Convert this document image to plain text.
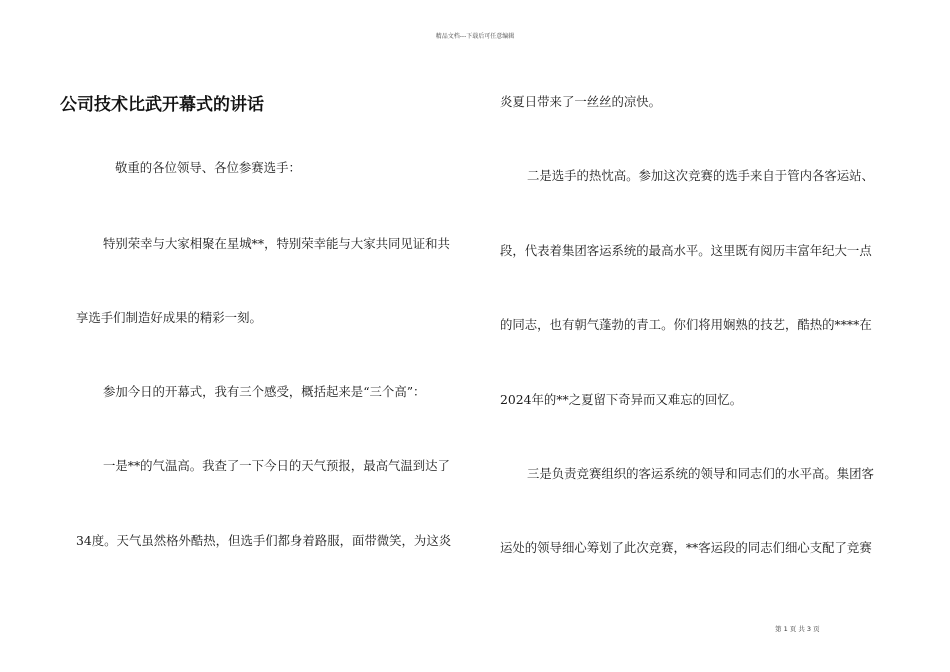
精品文档---下载后可任意编辑
公司技术比武开幕式的讲话
敬重的各位领导、各位参赛选手：
特别荣幸与大家相聚在星城**，特别荣幸能与大家共同见证和共
享选手们制造好成果的精彩一刻。
参加今日的开幕式，我有三个感受，概括起来是“三个高”：
一是**的气温高。我查了一下今日的天气预报，最高气温到达了
34度。天气虽然格外酷热，但选手们都身着路服，面带微笑，为这炎
炎夏日带来了一丝丝的凉快。
二是选手的热忱高。参加这次竞赛的选手来自于管内各客运站、
段，代表着集团客运系统的最高水平。这里既有阅历丰富年纪大一点
的同志，也有朝气蓬勃的青工。你们将用娴熟的技艺，酷热的****在
2024年的**之夏留下奇异而又难忘的回忆。
三是负责竞赛组织的客运系统的领导和同志们的水平高。集团客
运处的领导细心筹划了此次竞赛，**客运段的同志们细心支配了竞赛
第 1 页 共 3 页
